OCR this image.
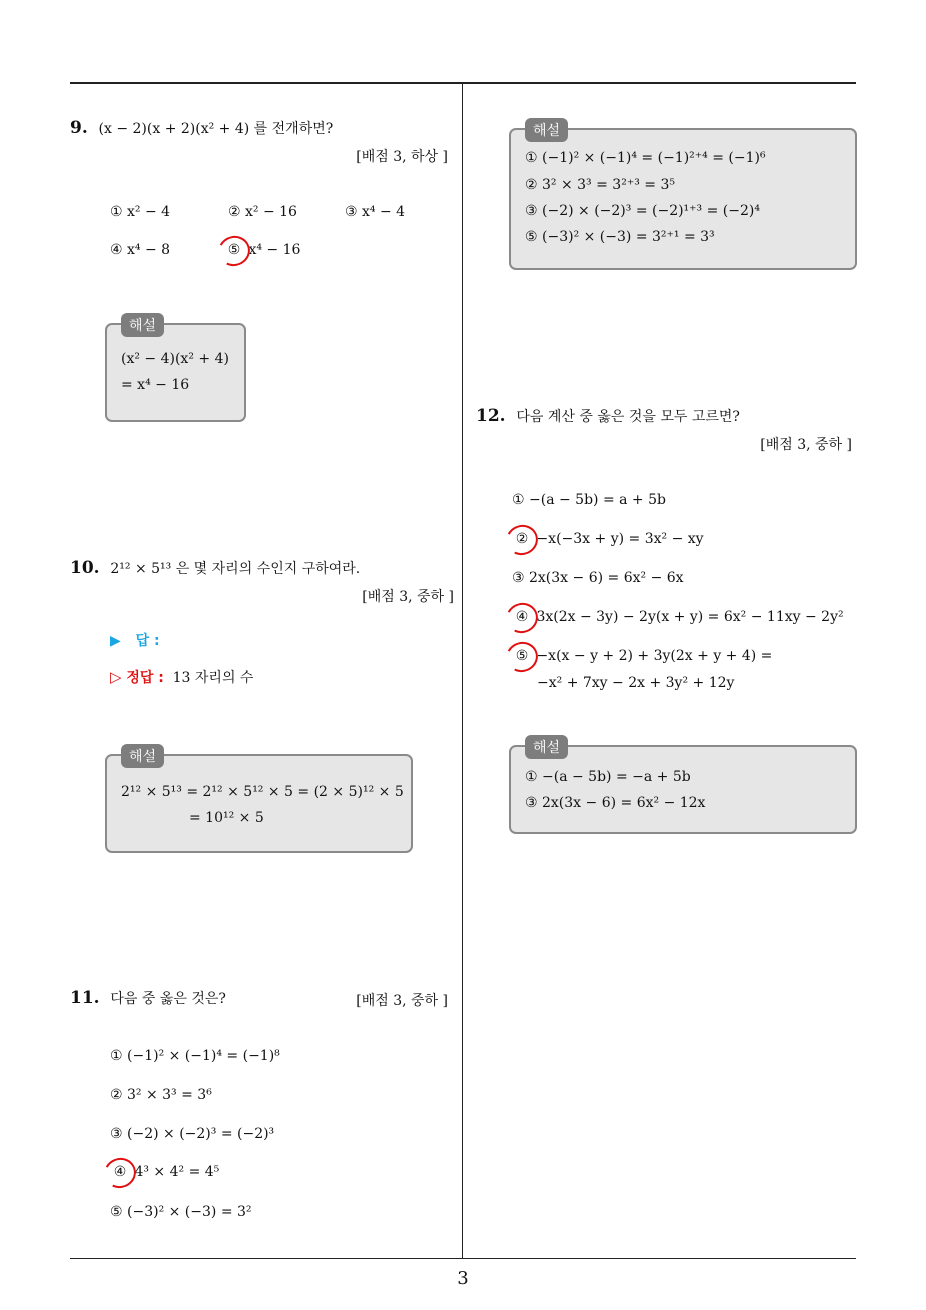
9. (x − 2)(x + 2)(x² + 4) 를 전개하면?
[배점 3, 하상 ]
① x² − 4	② x² − 16	③ x⁴ − 4
④ x⁴ − 8	⑤ x⁴ − 16
해설
(x² − 4)(x² + 4)
= x⁴ − 16
10. 2¹² × 5¹³ 은 몇 자리의 수인지 구하여라.
[배점 3, 중하 ]
▶ 답 :
▷ 정답 : 13 자리의 수
해설
2¹² × 5¹³ = 2¹² × 5¹² × 5 = (2 × 5)¹² × 5
= 10¹² × 5
11. 다음 중 옳은 것은?	[배점 3, 중하 ]
① (−1)² × (−1)⁴ = (−1)⁸
② 3² × 3³ = 3⁶
③ (−2) × (−2)³ = (−2)³
④ 4³ × 4² = 4⁵
⑤ (−3)² × (−3) = 3²
해설
① (−1)² × (−1)⁴ = (−1)²⁺⁴ = (−1)⁶
② 3² × 3³ = 3²⁺³ = 3⁵
③ (−2) × (−2)³ = (−2)¹⁺³ = (−2)⁴
⑤ (−3)² × (−3) = 3²⁺¹ = 3³
12. 다음 계산 중 옳은 것을 모두 고르면?
[배점 3, 중하 ]
① −(a − 5b) = a + 5b
② −x(−3x + y) = 3x² − xy
③ 2x(3x − 6) = 6x² − 6x
④ 3x(2x − 3y) − 2y(x + y) = 6x² − 11xy − 2y²
⑤ −x(x − y + 2) + 3y(2x + y + 4) =
−x² + 7xy − 2x + 3y² + 12y
해설
① −(a − 5b) = −a + 5b
③ 2x(3x − 6) = 6x² − 12x
3
